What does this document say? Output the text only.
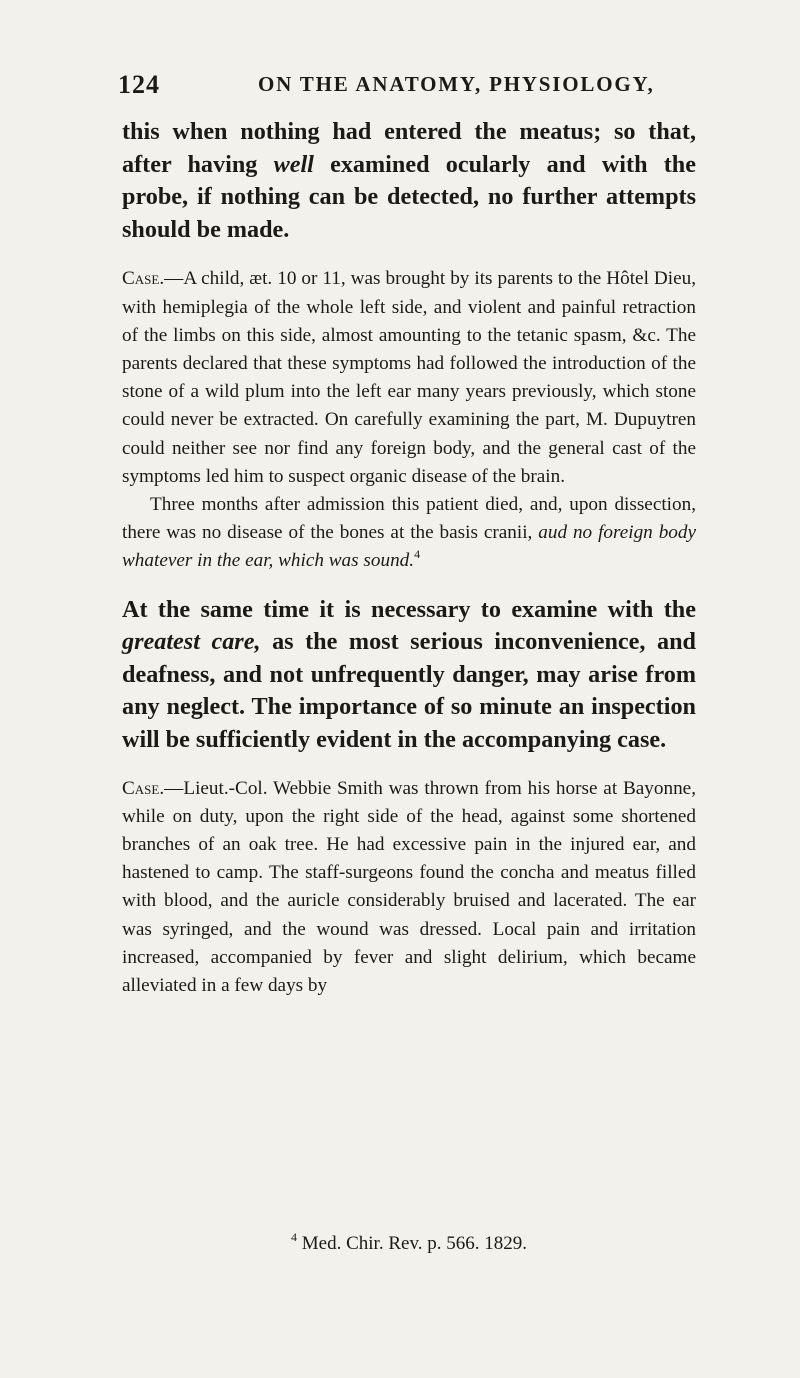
124	ON THE ANATOMY, PHYSIOLOGY,

this when nothing had entered the meatus; so that, after having well examined ocularly and with the probe, if nothing can be detected, no further attempts should be made.

Case.—A child, æt. 10 or 11, was brought by its parents to the Hôtel Dieu, with hemiplegia of the whole left side, and violent and painful retraction of the limbs on this side, almost amounting to the tetanic spasm, &c. The parents declared that these symptoms had followed the introduction of the stone of a wild plum into the left ear many years previously, which stone could never be extracted. On carefully examining the part, M. Dupuytren could neither see nor find any foreign body, and the general cast of the symptoms led him to suspect organic disease of the brain.

Three months after admission this patient died, and, upon dissection, there was no disease of the bones at the basis cranii, aud no foreign body whatever in the ear, which was sound.$^4$

At the same time it is necessary to examine with the greatest care, as the most serious inconvenience, and deafness, and not unfrequently danger, may arise from any neglect. The importance of so minute an inspection will be sufficiently evident in the accompanying case.

Case.—Lieut.-Col. Webbie Smith was thrown from his horse at Bayonne, while on duty, upon the right side of the head, against some shortened branches of an oak tree. He had excessive pain in the injured ear, and hastened to camp. The staff-surgeons found the concha and meatus filled with blood, and the auricle considerably bruised and lacerated. The ear was syringed, and the wound was dressed. Local pain and irritation increased, accompanied by fever and slight delirium, which became alleviated in a few days by

$^4$ Med. Chir. Rev. p. 566. 1829.
